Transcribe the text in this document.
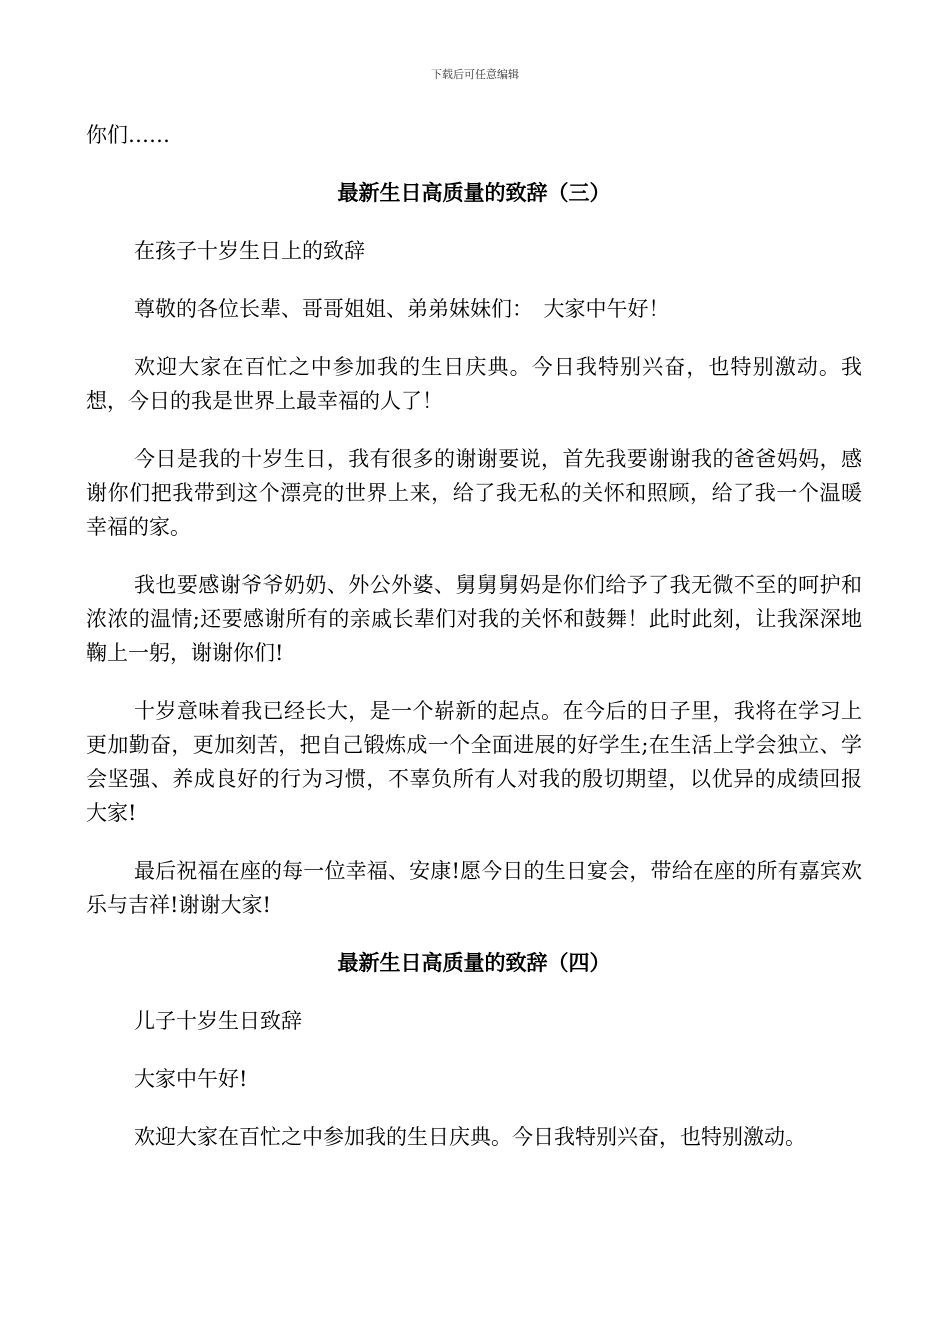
下载后可任意编辑

你们……

最新生日高质量的致辞（三）

在孩子十岁生日上的致辞

尊敬的各位长辈、哥哥姐姐、弟弟妹妹们：　大家中午好！

欢迎大家在百忙之中参加我的生日庆典。今日我特别兴奋，也特别激动。我想，今日的我是世界上最幸福的人了！

今日是我的十岁生日，我有很多的谢谢要说，首先我要谢谢我的爸爸妈妈，感谢你们把我带到这个漂亮的世界上来，给了我无私的关怀和照顾，给了我一个温暖幸福的家。

我也要感谢爷爷奶奶、外公外婆、舅舅舅妈是你们给予了我无微不至的呵护和浓浓的温情;还要感谢所有的亲戚长辈们对我的关怀和鼓舞！此时此刻，让我深深地鞠上一躬，谢谢你们!

十岁意味着我已经长大，是一个崭新的起点。在今后的日子里，我将在学习上更加勤奋，更加刻苦，把自己锻炼成一个全面进展的好学生;在生活上学会独立、学会坚强、养成良好的行为习惯，不辜负所有人对我的殷切期望，以优异的成绩回报大家!

最后祝福在座的每一位幸福、安康!愿今日的生日宴会，带给在座的所有嘉宾欢乐与吉祥!谢谢大家!

最新生日高质量的致辞（四）

儿子十岁生日致辞

大家中午好!

欢迎大家在百忙之中参加我的生日庆典。今日我特别兴奋，也特别激动。
